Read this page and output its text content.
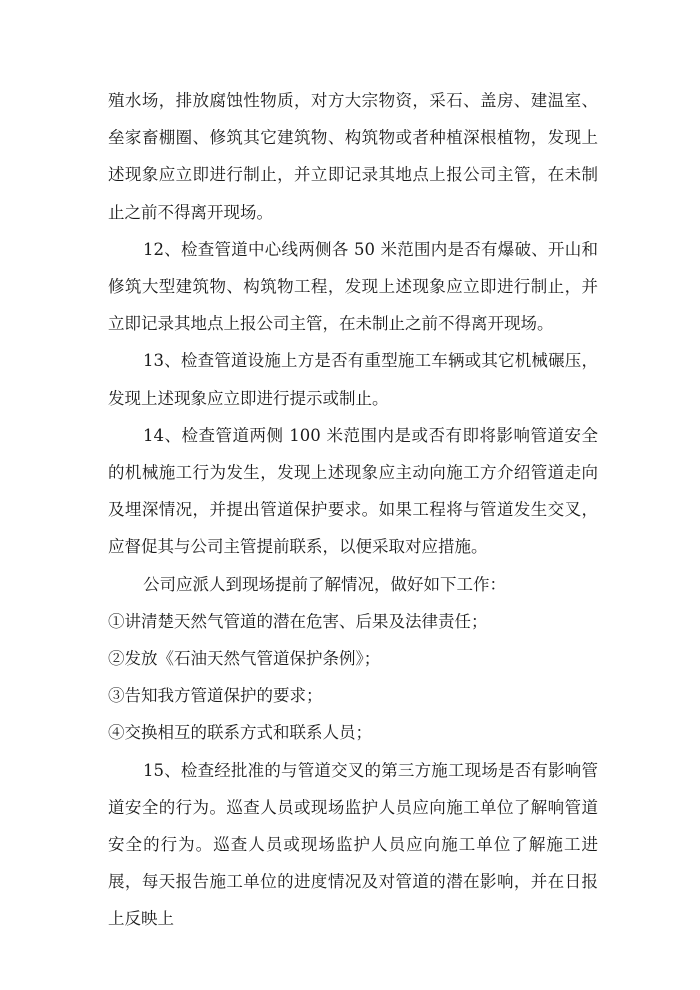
殖水场，排放腐蚀性物质，对方大宗物资，采石、盖房、建温室、垒家畜棚圈、修筑其它建筑物、构筑物或者种植深根植物，发现上述现象应立即进行制止，并立即记录其地点上报公司主管，在未制止之前不得离开现场。

12、检查管道中心线两侧各 50 米范围内是否有爆破、开山和修筑大型建筑物、构筑物工程，发现上述现象应立即进行制止，并立即记录其地点上报公司主管，在未制止之前不得离开现场。

13、检查管道设施上方是否有重型施工车辆或其它机械碾压，发现上述现象应立即进行提示或制止。

14、检查管道两侧 100 米范围内是或否有即将影响管道安全的机械施工行为发生，发现上述现象应主动向施工方介绍管道走向及埋深情况，并提出管道保护要求。如果工程将与管道发生交叉，应督促其与公司主管提前联系，以便采取对应措施。

公司应派人到现场提前了解情况，做好如下工作：

①讲清楚天然气管道的潜在危害、后果及法律责任；
②发放《石油天然气管道保护条例》；
③告知我方管道保护的要求；
④交换相互的联系方式和联系人员；

15、检查经批准的与管道交叉的第三方施工现场是否有影响管道安全的行为。巡查人员或现场监护人员应向施工单位了解响管道安全的行为。巡查人员或现场监护人员应向施工单位了解施工进展，每天报告施工单位的进度情况及对管道的潜在影响，并在日报上反映上
